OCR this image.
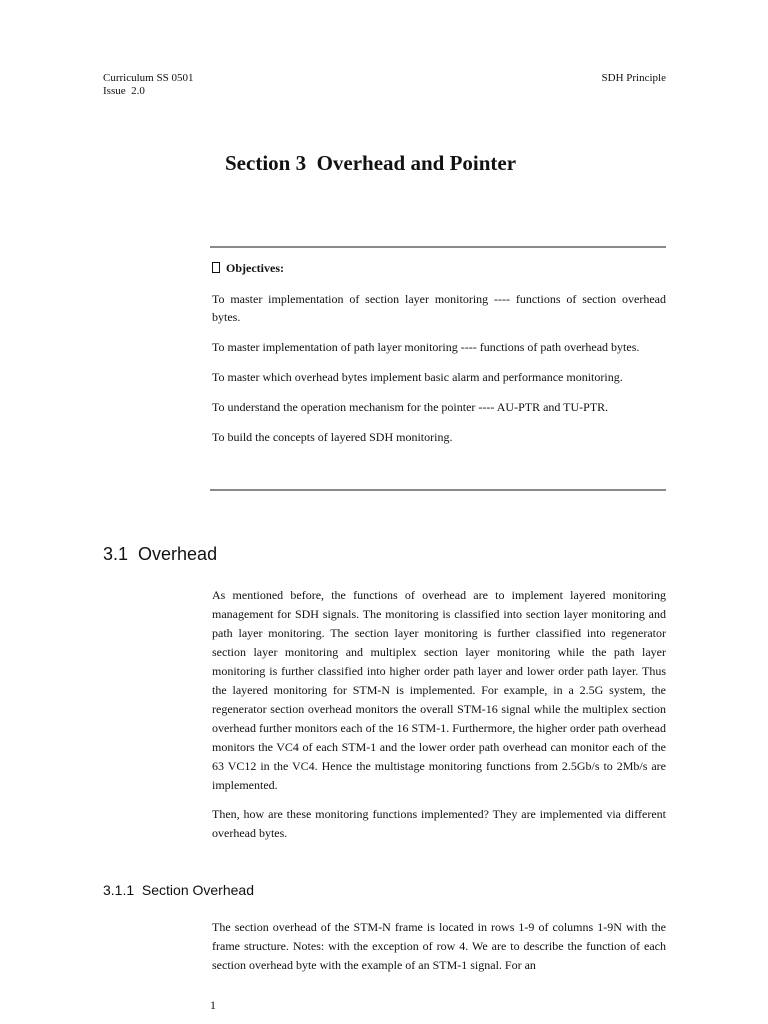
Curriculum SS 0501
Issue  2.0
SDH Principle
Section 3  Overhead and Pointer
Objectives:

To master implementation of section layer monitoring ---- functions of section overhead bytes.

To master implementation of path layer monitoring ---- functions of path overhead bytes.

To master which overhead bytes implement basic alarm and performance monitoring.

To understand the operation mechanism for the pointer ---- AU-PTR and TU-PTR.

To build the concepts of layered SDH monitoring.

3.1  Overhead

As mentioned before, the functions of overhead are to implement layered monitoring management for SDH signals. The monitoring is classified into section layer monitoring and path layer monitoring. The section layer monitoring is further classified into regenerator section layer monitoring and multiplex section layer monitoring while the path layer monitoring is further classified into higher order path layer and lower order path layer. Thus the layered monitoring for STM-N is implemented. For example, in a 2.5G system, the regenerator section overhead monitors the overall STM-16 signal while the multiplex section overhead further monitors each of the 16 STM-1. Furthermore, the higher order path overhead monitors the VC4 of each STM-1 and the lower order path overhead can monitor each of the 63 VC12 in the VC4. Hence the multistage monitoring functions from 2.5Gb/s to 2Mb/s are implemented.

Then, how are these monitoring functions implemented? They are implemented via different overhead bytes.

3.1.1  Section Overhead

The section overhead of the STM-N frame is located in rows 1-9 of columns 1-9N with the frame structure. Notes: with the exception of row 4. We are to describe the function of each section overhead byte with the example of an STM-1 signal. For an

1
